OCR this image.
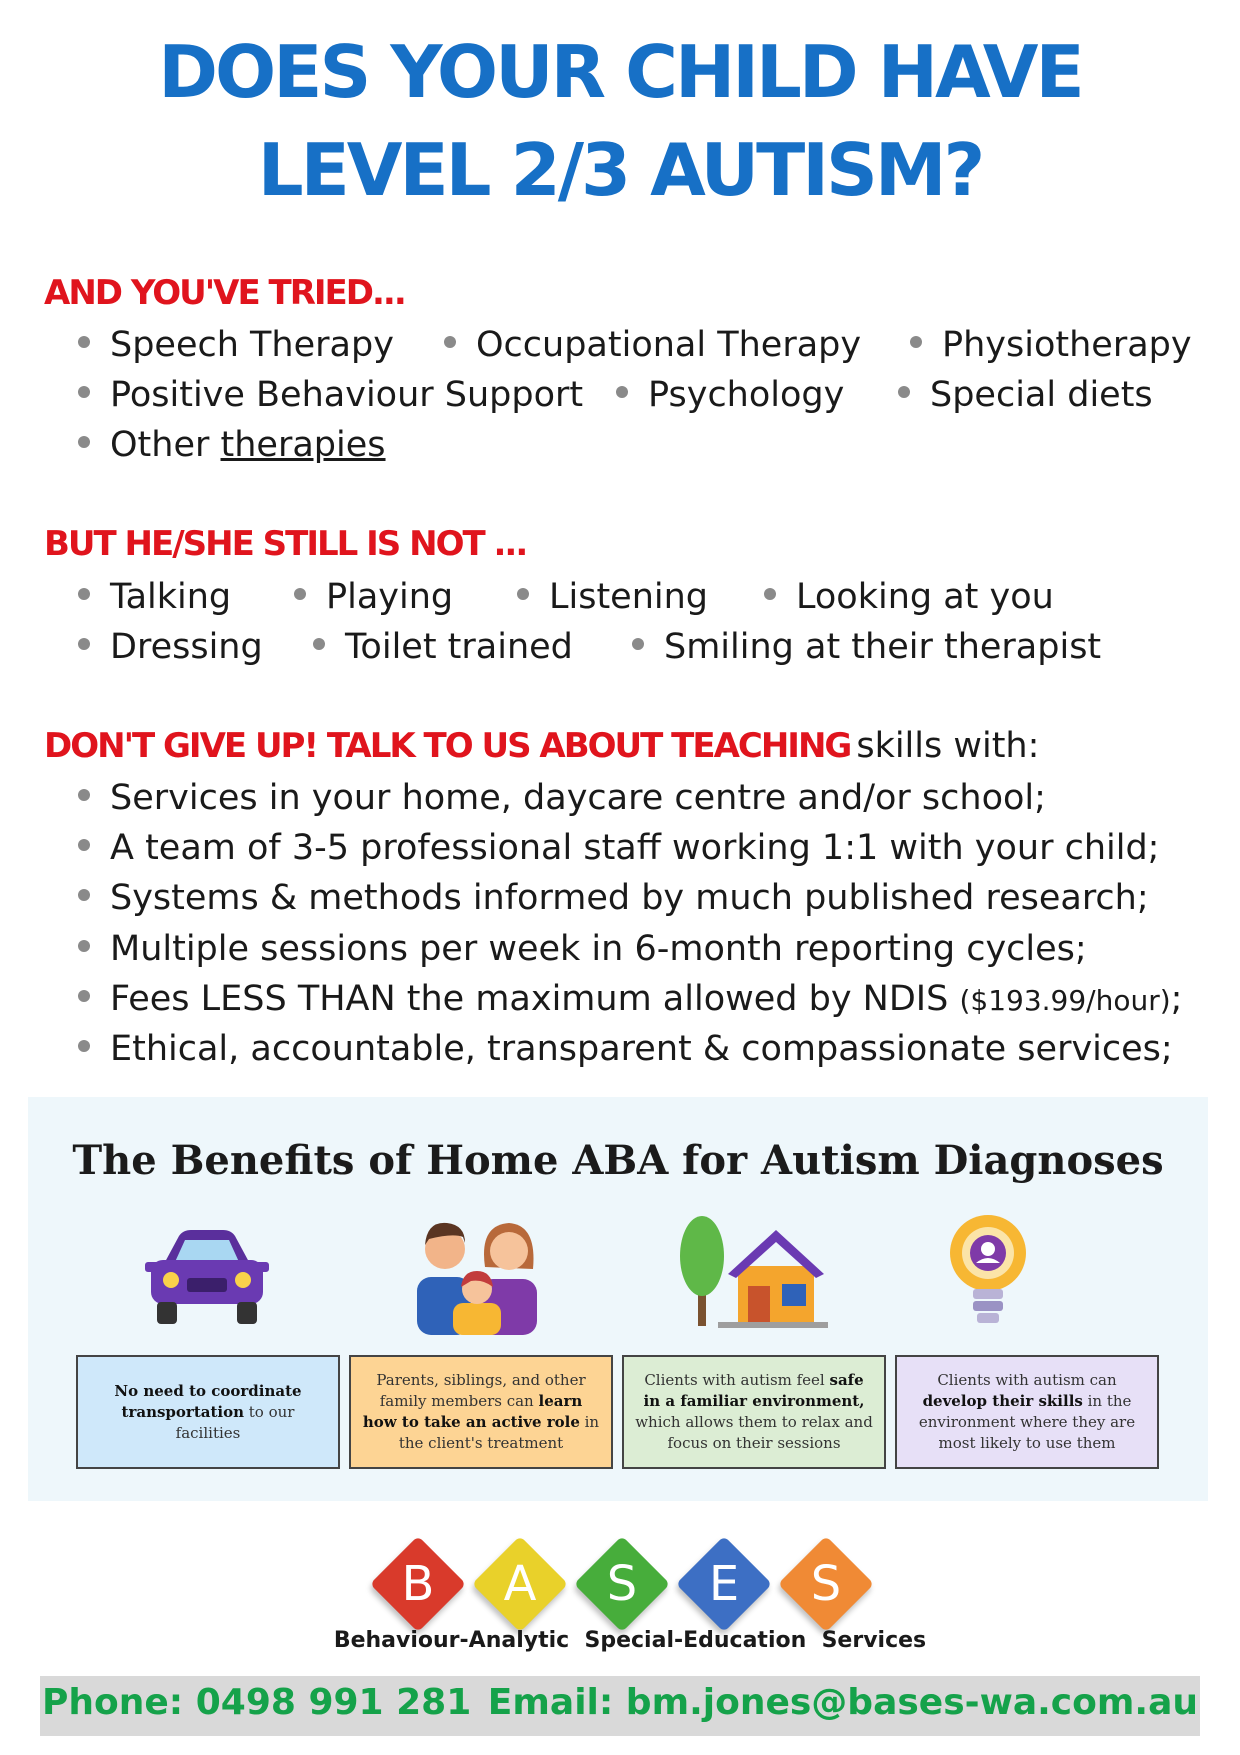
DOES YOUR CHILD HAVE
LEVEL 2/3 AUTISM?
AND YOU'VE TRIED...
Speech Therapy	Occupational Therapy	Physiotherapy
Positive Behaviour Support	Psychology	Special diets
Other therapies
BUT HE/SHE STILL IS NOT ...
Talking	Playing	Listening	Looking at you
Dressing	Toilet trained	Smiling at their therapist
DON'T GIVE UP! TALK TO US ABOUT TEACHING skills with:
Services in your home, daycare centre and/or school;
A team of 3-5 professional staff working 1:1 with your child;
Systems & methods informed by much published research;
Multiple sessions per week in 6-month reporting cycles;
Fees LESS THAN the maximum allowed by NDIS ($193.99/hour);
Ethical, accountable, transparent & compassionate services;
The Benefits of Home ABA for Autism Diagnoses
No need to coordinate
transportation to our facilities
Parents, siblings, and other family members can learn how to take an active role in the client's treatment
Clients with autism feel safe in a familiar environment, which allows them to relax and focus on their sessions
Clients with autism can develop their skills in the environment where they are most likely to use them
B	A	S	E	S
Behaviour-Analytic  Special-Education  Services
Phone: 0498 991 281 Email: bm.jones@bases-wa.com.au
